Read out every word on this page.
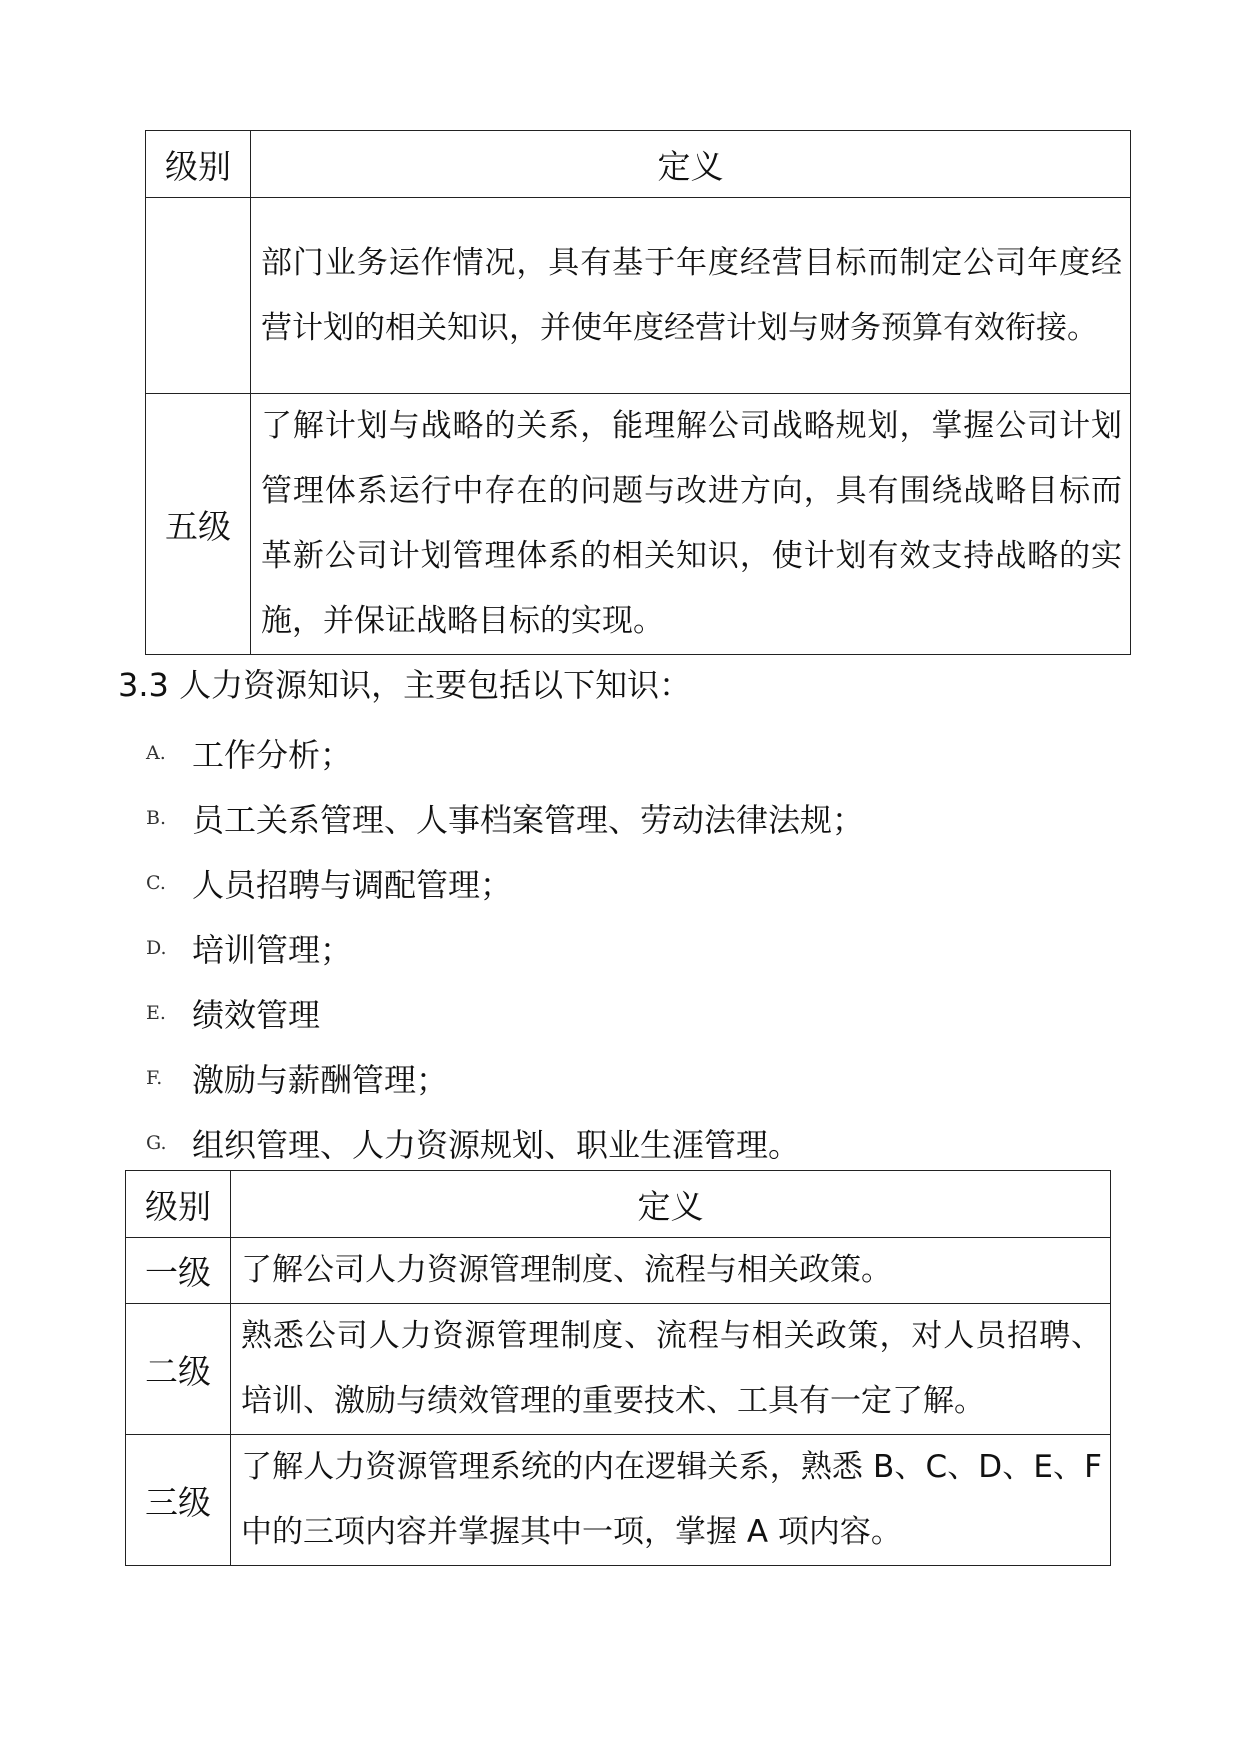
级别	定义
	部门业务运作情况，具有基于年度经营目标而制定公司年度经营计划的相关知识，并使年度经营计划与财务预算有效衔接。
五级	了解计划与战略的关系，能理解公司战略规划，掌握公司计划管理体系运行中存在的问题与改进方向，具有围绕战略目标而革新公司计划管理体系的相关知识，使计划有效支持战略的实施，并保证战略目标的实现。
3.3 人力资源知识，主要包括以下知识：
A. 工作分析；
B. 员工关系管理、人事档案管理、劳动法律法规；
C. 人员招聘与调配管理；
D. 培训管理；
E. 绩效管理
F. 激励与薪酬管理；
G. 组织管理、人力资源规划、职业生涯管理。
级别	定义
一级	了解公司人力资源管理制度、流程与相关政策。
二级	熟悉公司人力资源管理制度、流程与相关政策，对人员招聘、培训、激励与绩效管理的重要技术、工具有一定了解。
三级	了解人力资源管理系统的内在逻辑关系，熟悉 B、C、D、E、F 中的三项内容并掌握其中一项，掌握 A 项内容。
